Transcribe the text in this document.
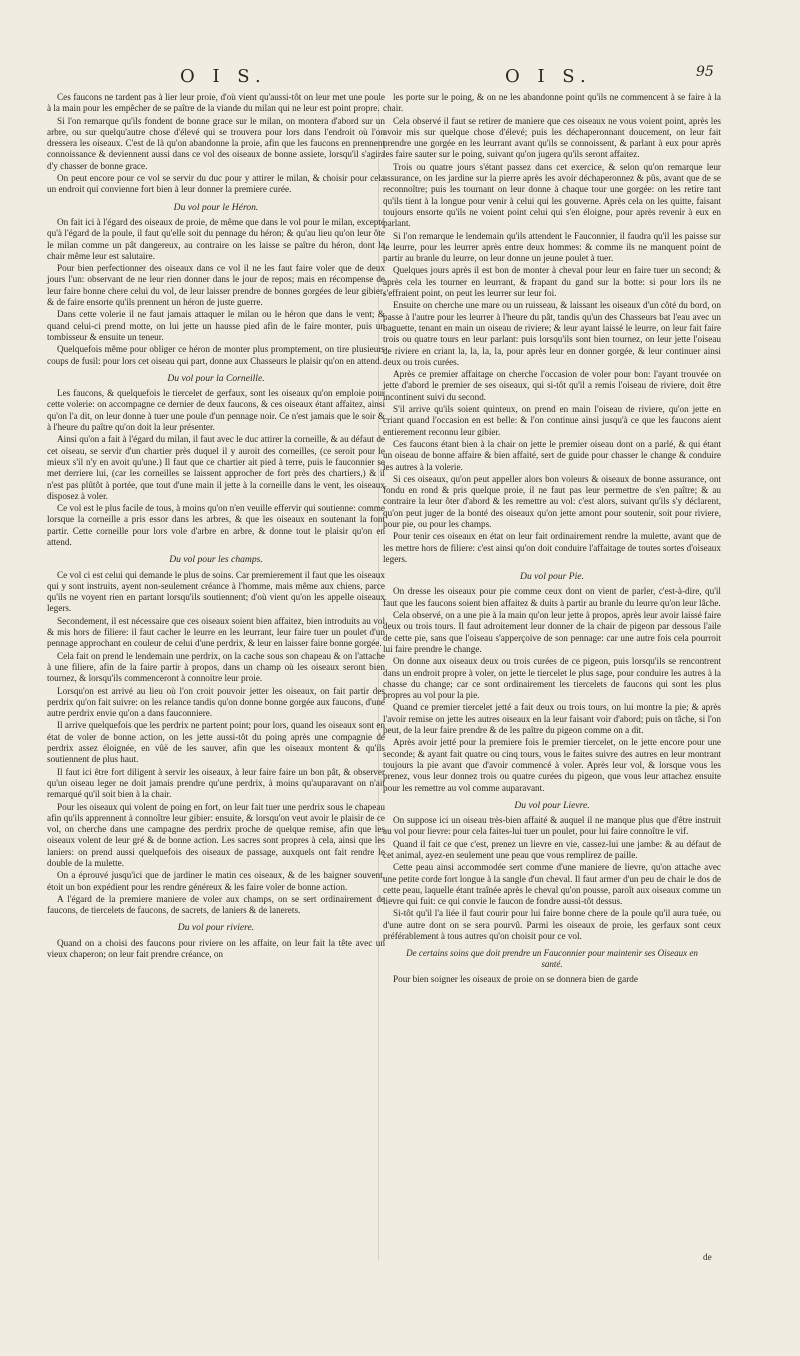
O I S.	O I S.	95

Ces faucons ne tardent pas à lier leur proie, d'où vient qu'aussi-tôt on leur met une poule à la main pour les empêcher de se paître de la viande du milan qui ne leur est point propre.

Si l'on remarque qu'ils fondent de bonne grace sur le milan, on montera d'abord sur un arbre, ou sur quelqu'autre chose d'élevé qui se trouvera pour lors dans l'endroit où l'on dressera les oiseaux. C'est de là qu'on abandonne la proie, afin que les faucons en prennent connoissance & deviennent aussi dans ce vol des oiseaux de bonne assiete, lorsqu'il s'agira d'y chasser de bonne grace.

On peut encore pour ce vol se servir du duc pour y attirer le milan, & choisir pour cela un endroit qui convienne fort bien à leur donner la premiere curée.

Du vol pour le Héron.

On fait ici à l'égard des oiseaux de proie, de même que dans le vol pour le milan, excepté qu'à l'égard de la poule, il faut qu'elle soit du pennage du héron; & qu'au lieu qu'on leur ôte le milan comme un pât dangereux, au contraire on les laisse se paître du héron, dont la chair même leur est salutaire.

Pour bien perfectionner des oiseaux dans ce vol il ne les faut faire voler que de deux jours l'un: observant de ne leur rien donner dans le jour de repos; mais en récompense de leur faire bonne chere celui du vol, de leur laisser prendre de bonnes gorgées de leur gibier, & de faire ensorte qu'ils prennent un héron de juste guerre.

Dans cette volerie il ne faut jamais attaquer le milan ou le héron que dans le vent; & quand celui-ci prend motte, on lui jette un hausse pied afin de le faire monter, puis un tombisseur & ensuite un teneur.

Quelquefois même pour obliger ce héron de monter plus promptement, on tire plusieurs coups de fusil: pour lors cet oiseau qui part, donne aux Chasseurs le plaisir qu'on en attend.

Du vol pour la Corneille.

Les faucons, & quelquefois le tiercelet de gerfaux, sont les oiseaux qu'on emploie pour cette volerie: on accompagne ce dernier de deux faucons, & ces oiseaux étant affaitez, ainsi qu'on l'a dit, on leur donne à tuer une poule d'un pennage noir. Ce n'est jamais que le soir & à l'heure du paître qu'on doit la leur présenter.

Ainsi qu'on a fait à l'égard du milan, il faut avec le duc attirer la corneille, & au défaut de cet oiseau, se servir d'un chartier près duquel il y auroit des corneilles, (ce seroit pour le mieux s'il n'y en avoit qu'une.) Il faut que ce chartier ait pied à terre, puis le fauconnier se met derriere lui, (car les corneilles se laissent approcher de fort près des chartiers,) & il n'est pas plûtôt à portée, que tout d'une main il jette à la corneille dans le vent, les oiseaux disposez à voler.

Ce vol est le plus facile de tous, à moins qu'on n'en veuille effervir qui soutienne: comme lorsque la corneille a pris essor dans les arbres, & que les oiseaux en soutenant la font partir. Cette corneille pour lors vole d'arbre en arbre, & donne tout le plaisir qu'on en attend.

Du vol pour les champs.

Ce vol ci est celui qui demande le plus de soins. Car premierement il faut que les oiseaux qui y sont instruits, ayent non-seulement créance à l'homme, mais même aux chiens, parce qu'ils ne voyent rien en partant lorsqu'ils soutiennent; d'où vient qu'on les appelle oiseaux legers.

Secondement, il est nécessaire que ces oiseaux soient bien affaitez, bien introduits au vol & mis hors de filiere: il faut cacher le leurre en les leurrant, leur faire tuer un poulet d'un pennage approchant en couleur de celui d'une perdrix, & leur en laisser faire bonne gorgée.

Cela fait on prend le lendemain une perdrix, on la cache sous son chapeau & on l'attache à une filiere, afin de la faire partir à propos, dans un champ où les oiseaux seront bien tournez, & lorsqu'ils commenceront à connoitre leur proie.

Lorsqu'on est arrivé au lieu où l'on croit pouvoir jetter les oiseaux, on fait partir des perdrix qu'on fait suivre: on les relance tandis qu'on donne bonne gorgée aux faucons, d'une autre perdrix envie qu'on a dans fauconniere.

Il arrive quelquefois que les perdrix ne partent point; pour lors, quand les oiseaux sont en état de voler de bonne action, on les jette aussi-tôt du poing après une compagnie de perdrix assez éloignée, en vûë de les sauver, afin que les oiseaux montent & qu'ils soutiennent de plus haut.

Il faut ici être fort diligent à servir les oiseaux, à leur faire faire un bon pât, & observer qu'un oiseau leger ne doit jamais prendre qu'une perdrix, à moins qu'auparavant on n'ait remarqué qu'il soit bien à la chair.

Pour les oiseaux qui volent de poing en fort, on leur fait tuer une perdrix sous le chapeau afin qu'ils apprennent à connoître leur gibier: ensuite, & lorsqu'on veut avoir le plaisir de ce vol, on cherche dans une campagne des perdrix proche de quelque remise, afin que les oiseaux volent de leur gré & de bonne action. Les sacres sont propres à cela, ainsi que les laniers: on prend aussi quelquefois des oiseaux de passage, auxquels ont fait rendre le double de la mulette.

On a éprouvé jusqu'ici que de jardiner le matin ces oiseaux, & de les baigner souvent, étoit un bon expédient pour les rendre généreux & les faire voler de bonne action.

A l'égard de la premiere maniere de voler aux champs, on se sert ordinairement de faucons, de tiercelets de faucons, de sacrets, de laniers & de lanerets.

Du vol pour riviere.

Quand on a choisi des faucons pour riviere on les affaite, on leur fait la tête avec un vieux chaperon; on leur fait prendre créance, on

les porte sur le poing, & on ne les abandonne point qu'ils ne commencent à se faire à la chair.

Cela observé il faut se retirer de maniere que ces oiseaux ne vous voient point, après les avoir mis sur quelque chose d'élevé; puis les déchaperonnant doucement, on leur fait prendre une gorgée en les leurrant avant qu'ils se connoissent, & parlant à eux pour après les faire sauter sur le poing, suivant qu'on jugera qu'ils seront affaitez.

Trois ou quatre jours s'étant passez dans cet exercice, & selon qu'on remarque leur assurance, on les jardine sur la pierre après les avoir déchaperonnez & pûs, avant que de se reconnoître; puis les tournant on leur donne à chaque tour une gorgée: on les retire tant qu'ils tient à la longue pour venir à celui qui les gouverne. Après cela on les quitte, faisant toujours ensorte qu'ils ne voient point celui qui s'en éloigne, pour après revenir à eux en parlant.

Si l'on remarque le lendemain qu'ils attendent le Fauconnier, il faudra qu'il les paisse sur le leurre, pour les leurrer après entre deux hommes: & comme ils ne manquent point de partir au branle du leurre, on leur donne un jeune poulet à tuer.

Quelques jours après il est bon de monter à cheval pour leur en faire tuer un second; & après cela les tourner en leurrant, & frapant du gand sur la botte: si pour lors ils ne s'effraient point, on peut les leurrer sur leur foi.

Ensuite on cherche une mare ou un ruisseau, & laissant les oiseaux d'un côté du bord, on passe à l'autre pour les leurrer à l'heure du pât, tandis qu'un des Chasseurs bat l'eau avec un baguette, tenant en main un oiseau de riviere; & leur ayant laissé le leurre, on leur fait faire trois ou quatre tours en leur parlant: puis lorsqu'ils sont bien tournez, on leur jette l'oiseau de riviere en criant la, la, la, la, pour après leur en donner gorgée, & leur continuer ainsi deux ou trois curées.

Après ce premier affaitage on cherche l'occasion de voler pour bon: l'ayant trouvée on jette d'abord le premier de ses oiseaux, qui si-tôt qu'il a remis l'oiseau de riviere, doit être incontinent suivi du second.

S'il arrive qu'ils soient quinteux, on prend en main l'oiseau de riviere, qu'on jette en criant quand l'occasion en est belle: & l'on continue ainsi jusqu'à ce que les faucons aient entierement reconnu leur gibier.

Ces faucons étant bien à la chair on jette le premier oiseau dont on a parlé, & qui étant un oiseau de bonne affaire & bien affaité, sert de guide pour chasser le change & conduire les autres à la volerie.

Si ces oiseaux, qu'on peut appeller alors bon voleurs & oiseaux de bonne assurance, ont fondu en rond & pris quelque proie, il ne faut pas leur permettre de s'en paître; & au contraire la leur ôter d'abord & les remettre au vol: c'est alors, suivant qu'ils s'y déclarent, qu'on peut juger de la bonté des oiseaux qu'on jette amont pour soutenir, soit pour riviere, pour pie, ou pour les champs.

Pour tenir ces oiseaux en état on leur fait ordinairement rendre la mulette, avant que de les mettre hors de filiere: c'est ainsi qu'on doit conduire l'affaitage de toutes sortes d'oiseaux legers.

Du vol pour Pie.

On dresse les oiseaux pour pie comme ceux dont on vient de parler, c'est-à-dire, qu'il faut que les faucons soient bien affaitez & duits à partir au branle du leurre qu'on leur lâche.

Cela observé, on a une pie à la main qu'on leur jette à propos, après leur avoir laissé faire deux ou trois tours. Il faut adroitement leur donner de la chair de pigeon par dessous l'aile de cette pie, sans que l'oiseau s'apperçoive de son pennage: car une autre fois cela pourroit lui faire prendre le change.

On donne aux oiseaux deux ou trois curées de ce pigeon, puis lorsqu'ils se rencontrent dans un endroit propre à voler, on jette le tiercelet le plus sage, pour conduire les autres à la chasse du change; car ce sont ordinairement les tiercelets de faucons qui sont les plus propres au vol pour la pie.

Quand ce premier tiercelet jetté a fait deux ou trois tours, on lui montre la pie; & après l'avoir remise on jette les autres oiseaux en la leur faisant voir d'abord; puis on tâche, si l'on peut, de la leur faire prendre & de les paître du pigeon comme on a dit.

Après avoir jetté pour la premiere fois le premier tiercelet, on le jette encore pour une seconde; & ayant fait quatre ou cinq tours, vous le faites suivre des autres en leur montrant toujours la pie avant que d'avoir commencé à voler. Après leur vol, & lorsque vous les prenez, vous leur donnez trois ou quatre curées du pigeon, que vous leur attachez ensuite pour les remettre au vol comme auparavant.

Du vol pour Lievre.

On suppose ici un oiseau très-bien affaité & auquel il ne manque plus que d'être instruit au vol pour lievre: pour cela faites-lui tuer un poulet, pour lui faire connoître le vif.

Quand il fait ce que c'est, prenez un lievre en vie, cassez-lui une jambe: & au défaut de cet animal, ayez-en seulement une peau que vous remplirez de paille.

Cette peau ainsi accommodée sert comme d'une maniere de lievre, qu'on attache avec une petite corde fort longue à la sangle d'un cheval. Il faut armer d'un peu de chair le dos de cette peau, laquelle étant traînée après le cheval qu'on pousse, paroît aux oiseaux comme un lievre qui fuit: ce qui convie le faucon de fondre aussi-tôt dessus.

Si-tôt qu'il l'a liée il faut courir pour lui faire bonne chere de la poule qu'il aura tuée, ou d'une autre dont on se sera pourvû. Parmi les oiseaux de proie, les gerfaux sont ceux préférablement à tous autres qu'on choisit pour ce vol.

De certains soins que doit prendre un Fauconnier pour maintenir ses Oiseaux en santé.

Pour bien soigner les oiseaux de proie on se donnera bien de garde

de
